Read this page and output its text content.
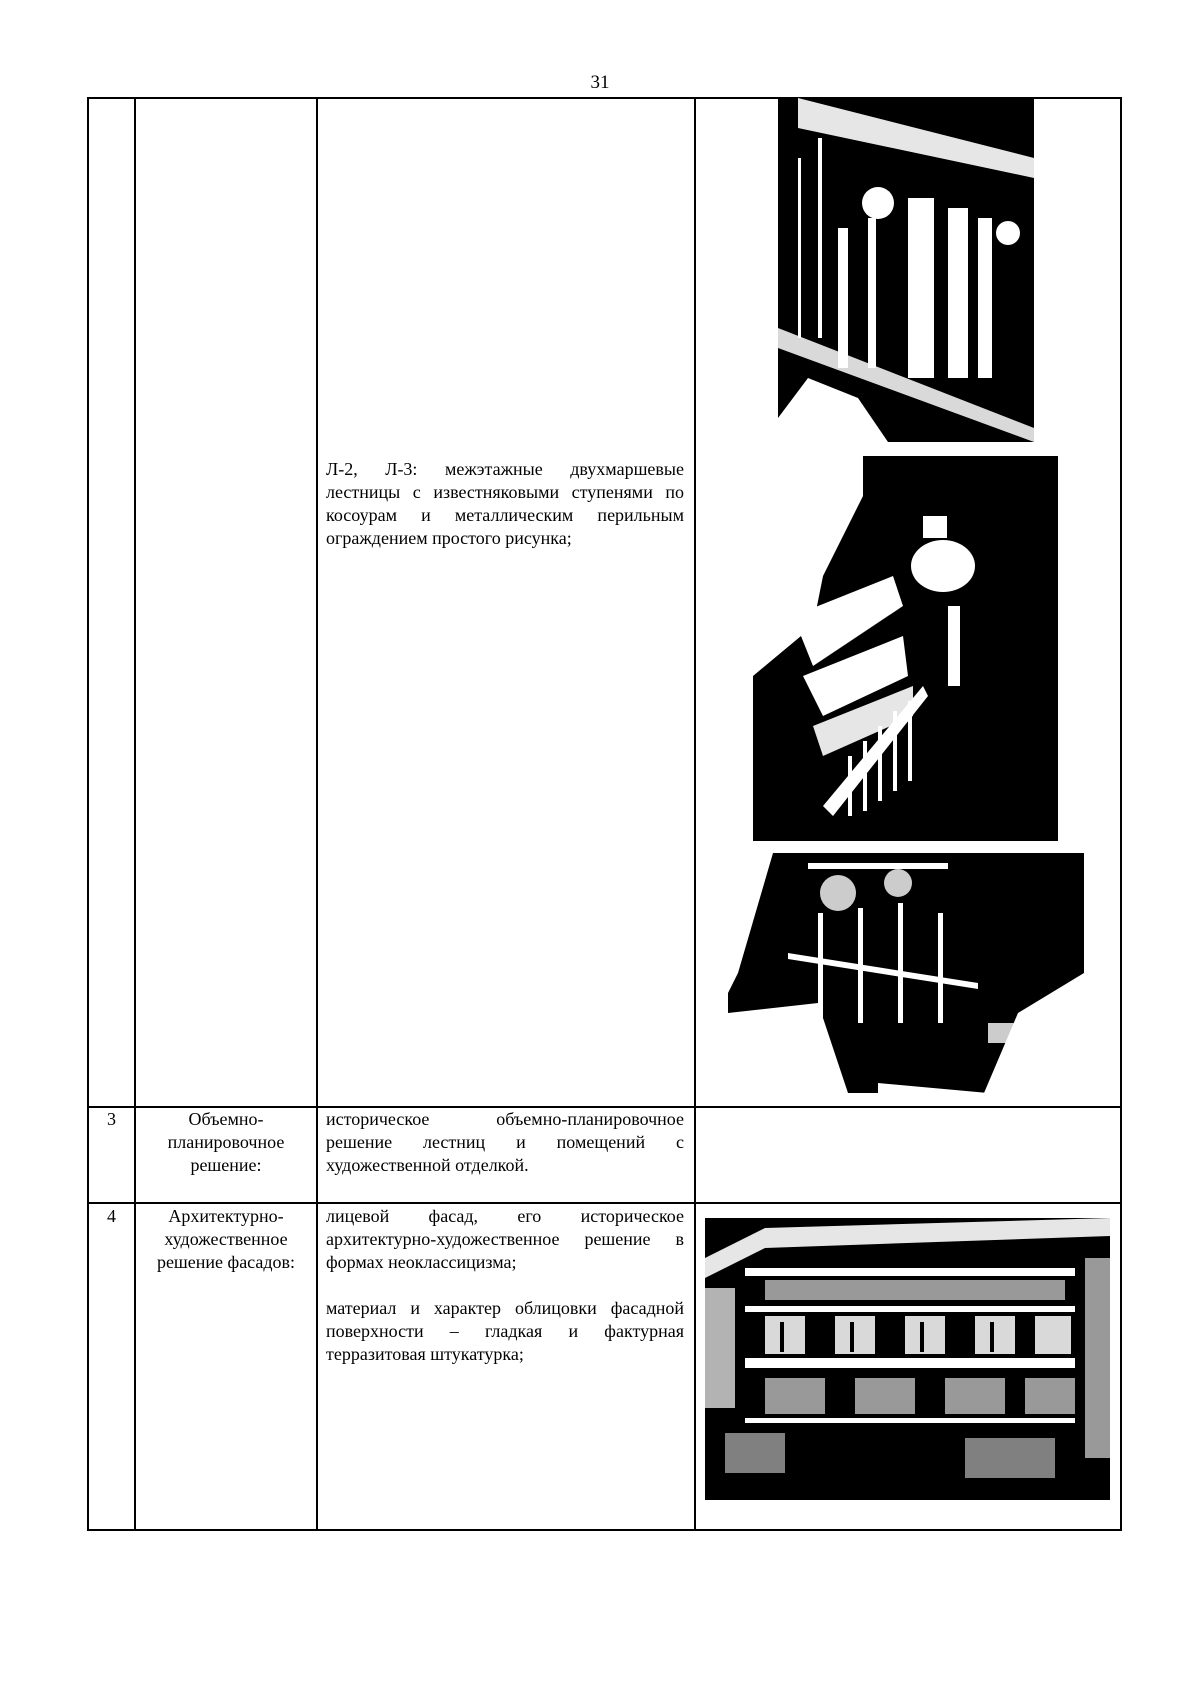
31

Л-2, Л-3: межэтажные двухмаршевые лестницы с известняковыми ступенями по косоурам и металлическим перильным ограждением простого рисунка;

3	Объемно-планировочное решение:

историческое объемно-планировочное решение лестниц и помещений с художественной отделкой.

4	Архитектурно-художественное решение фасадов:

лицевой фасад, его историческое архитектурно-художественное решение в формах неоклассицизма;

материал и характер облицовки фасадной поверхности – гладкая и фактурная терразитовая штукатурка;
